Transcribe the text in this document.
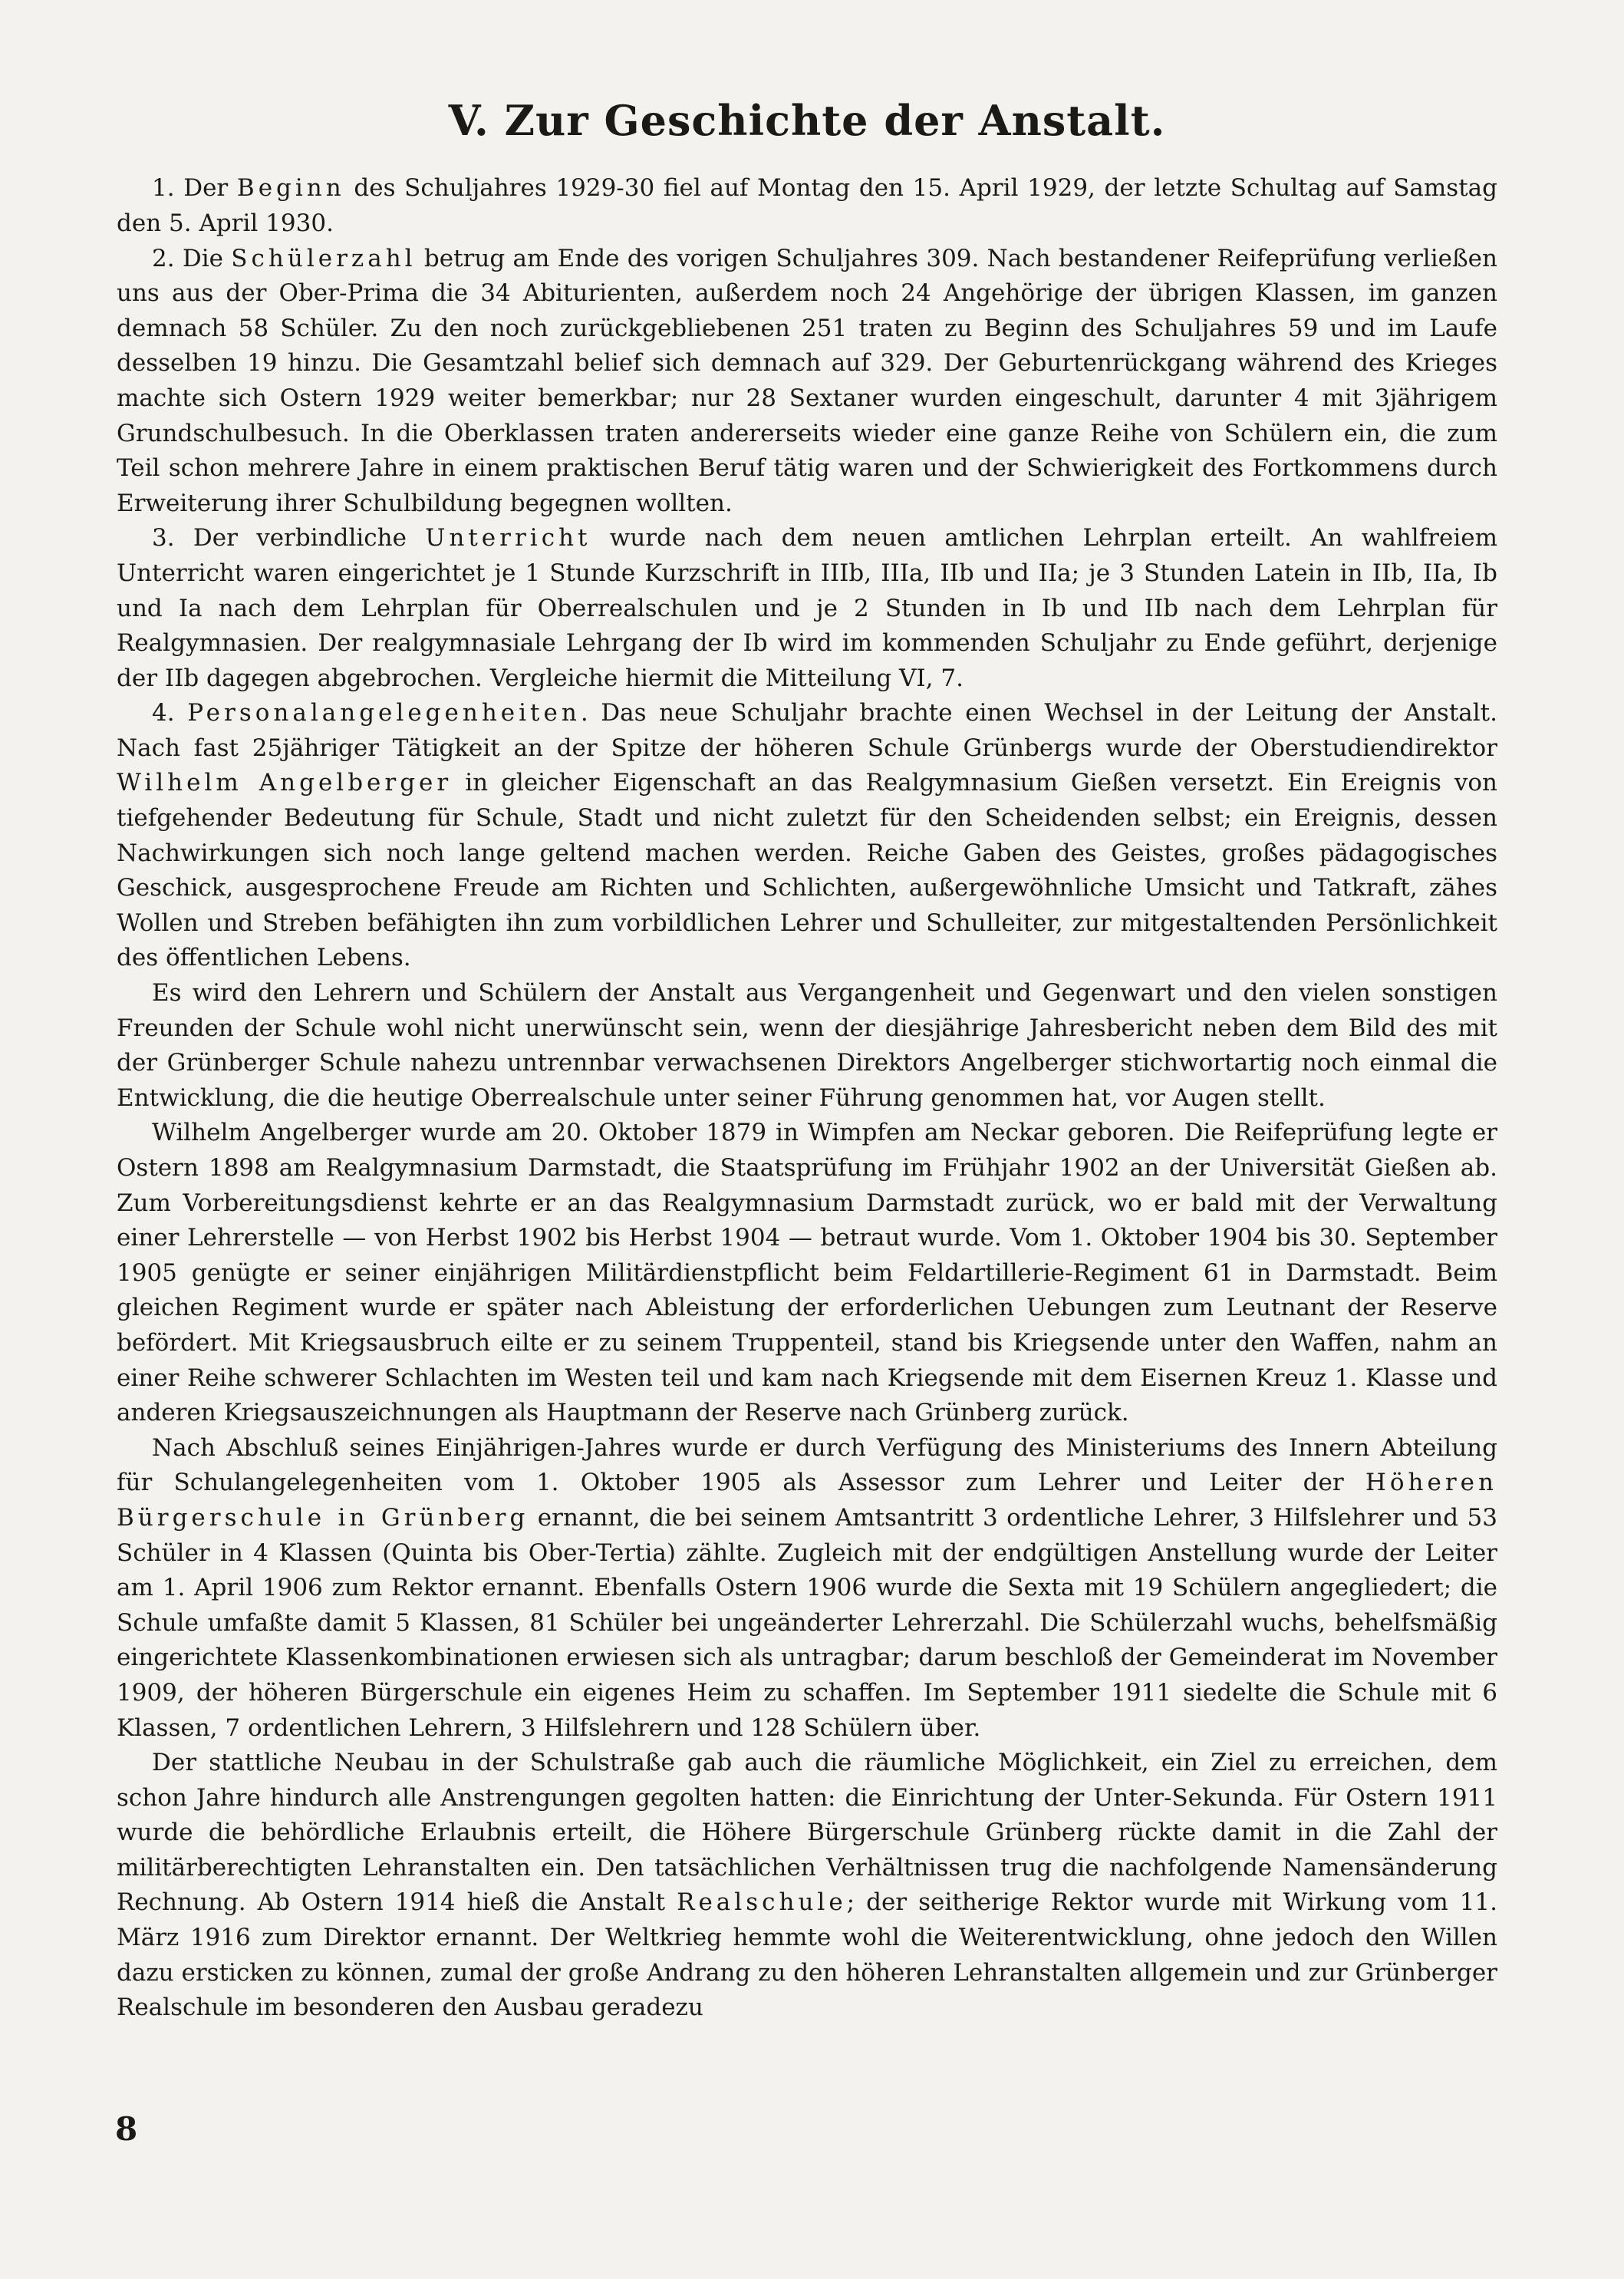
V. Zur Geschichte der Anstalt.

1. Der Beginn des Schuljahres 1929-30 fiel auf Montag den 15. April 1929, der letzte Schultag auf Samstag den 5. April 1930.

2. Die Schülerzahl betrug am Ende des vorigen Schuljahres 309. Nach bestandener Reifeprüfung verließen uns aus der Ober-Prima die 34 Abiturienten, außerdem noch 24 Angehörige der übrigen Klassen, im ganzen demnach 58 Schüler. Zu den noch zurückgebliebenen 251 traten zu Beginn des Schuljahres 59 und im Laufe desselben 19 hinzu. Die Gesamtzahl belief sich demnach auf 329. Der Geburtenrückgang während des Krieges machte sich Ostern 1929 weiter bemerkbar; nur 28 Sextaner wurden eingeschult, darunter 4 mit 3jährigem Grundschulbesuch. In die Oberklassen traten andererseits wieder eine ganze Reihe von Schülern ein, die zum Teil schon mehrere Jahre in einem praktischen Beruf tätig waren und der Schwierigkeit des Fortkommens durch Erweiterung ihrer Schulbildung begegnen wollten.

3. Der verbindliche Unterricht wurde nach dem neuen amtlichen Lehrplan erteilt. An wahlfreiem Unterricht waren eingerichtet je 1 Stunde Kurzschrift in IIIb, IIIa, IIb und IIa; je 3 Stunden Latein in IIb, IIa, Ib und Ia nach dem Lehrplan für Oberrealschulen und je 2 Stunden in Ib und IIb nach dem Lehrplan für Realgymnasien. Der realgymnasiale Lehrgang der Ib wird im kommenden Schuljahr zu Ende geführt, derjenige der IIb dagegen abgebrochen. Vergleiche hiermit die Mitteilung VI, 7.

4. Personalangelegenheiten. Das neue Schuljahr brachte einen Wechsel in der Leitung der Anstalt. Nach fast 25jähriger Tätigkeit an der Spitze der höheren Schule Grünbergs wurde der Oberstudiendirektor Wilhelm Angelberger in gleicher Eigenschaft an das Realgymnasium Gießen versetzt. Ein Ereignis von tiefgehender Bedeutung für Schule, Stadt und nicht zuletzt für den Scheidenden selbst; ein Ereignis, dessen Nachwirkungen sich noch lange geltend machen werden. Reiche Gaben des Geistes, großes pädagogisches Geschick, ausgesprochene Freude am Richten und Schlichten, außergewöhnliche Umsicht und Tatkraft, zähes Wollen und Streben befähigten ihn zum vorbildlichen Lehrer und Schulleiter, zur mitgestaltenden Persönlichkeit des öffentlichen Lebens.

Es wird den Lehrern und Schülern der Anstalt aus Vergangenheit und Gegenwart und den vielen sonstigen Freunden der Schule wohl nicht unerwünscht sein, wenn der diesjährige Jahresbericht neben dem Bild des mit der Grünberger Schule nahezu untrennbar verwachsenen Direktors Angelberger stichwortartig noch einmal die Entwicklung, die die heutige Oberrealschule unter seiner Führung genommen hat, vor Augen stellt.

Wilhelm Angelberger wurde am 20. Oktober 1879 in Wimpfen am Neckar geboren. Die Reifeprüfung legte er Ostern 1898 am Realgymnasium Darmstadt, die Staatsprüfung im Frühjahr 1902 an der Universität Gießen ab. Zum Vorbereitungsdienst kehrte er an das Realgymnasium Darmstadt zurück, wo er bald mit der Verwaltung einer Lehrerstelle — von Herbst 1902 bis Herbst 1904 — betraut wurde. Vom 1. Oktober 1904 bis 30. September 1905 genügte er seiner einjährigen Militärdienstpflicht beim Feldartillerie-Regiment 61 in Darmstadt. Beim gleichen Regiment wurde er später nach Ableistung der erforderlichen Uebungen zum Leutnant der Reserve befördert. Mit Kriegsausbruch eilte er zu seinem Truppenteil, stand bis Kriegsende unter den Waffen, nahm an einer Reihe schwerer Schlachten im Westen teil und kam nach Kriegsende mit dem Eisernen Kreuz 1. Klasse und anderen Kriegsauszeichnungen als Hauptmann der Reserve nach Grünberg zurück.

Nach Abschluß seines Einjährigen-Jahres wurde er durch Verfügung des Ministeriums des Innern Abteilung für Schulangelegenheiten vom 1. Oktober 1905 als Assessor zum Lehrer und Leiter der Höheren Bürgerschule in Grünberg ernannt, die bei seinem Amtsantritt 3 ordentliche Lehrer, 3 Hilfslehrer und 53 Schüler in 4 Klassen (Quinta bis Ober-Tertia) zählte. Zugleich mit der endgültigen Anstellung wurde der Leiter am 1. April 1906 zum Rektor ernannt. Ebenfalls Ostern 1906 wurde die Sexta mit 19 Schülern angegliedert; die Schule umfaßte damit 5 Klassen, 81 Schüler bei ungeänderter Lehrerzahl. Die Schülerzahl wuchs, behelfsmäßig eingerichtete Klassenkombinationen erwiesen sich als untragbar; darum beschloß der Gemeinderat im November 1909, der höheren Bürgerschule ein eigenes Heim zu schaffen. Im September 1911 siedelte die Schule mit 6 Klassen, 7 ordentlichen Lehrern, 3 Hilfslehrern und 128 Schülern über.

Der stattliche Neubau in der Schulstraße gab auch die räumliche Möglichkeit, ein Ziel zu erreichen, dem schon Jahre hindurch alle Anstrengungen gegolten hatten: die Einrichtung der Unter-Sekunda. Für Ostern 1911 wurde die behördliche Erlaubnis erteilt, die Höhere Bürgerschule Grünberg rückte damit in die Zahl der militärberechtigten Lehranstalten ein. Den tatsächlichen Verhältnissen trug die nachfolgende Namensänderung Rechnung. Ab Ostern 1914 hieß die Anstalt Realschule; der seitherige Rektor wurde mit Wirkung vom 11. März 1916 zum Direktor ernannt. Der Weltkrieg hemmte wohl die Weiterentwicklung, ohne jedoch den Willen dazu ersticken zu können, zumal der große Andrang zu den höheren Lehranstalten allgemein und zur Grünberger Realschule im besonderen den Ausbau geradezu

8
